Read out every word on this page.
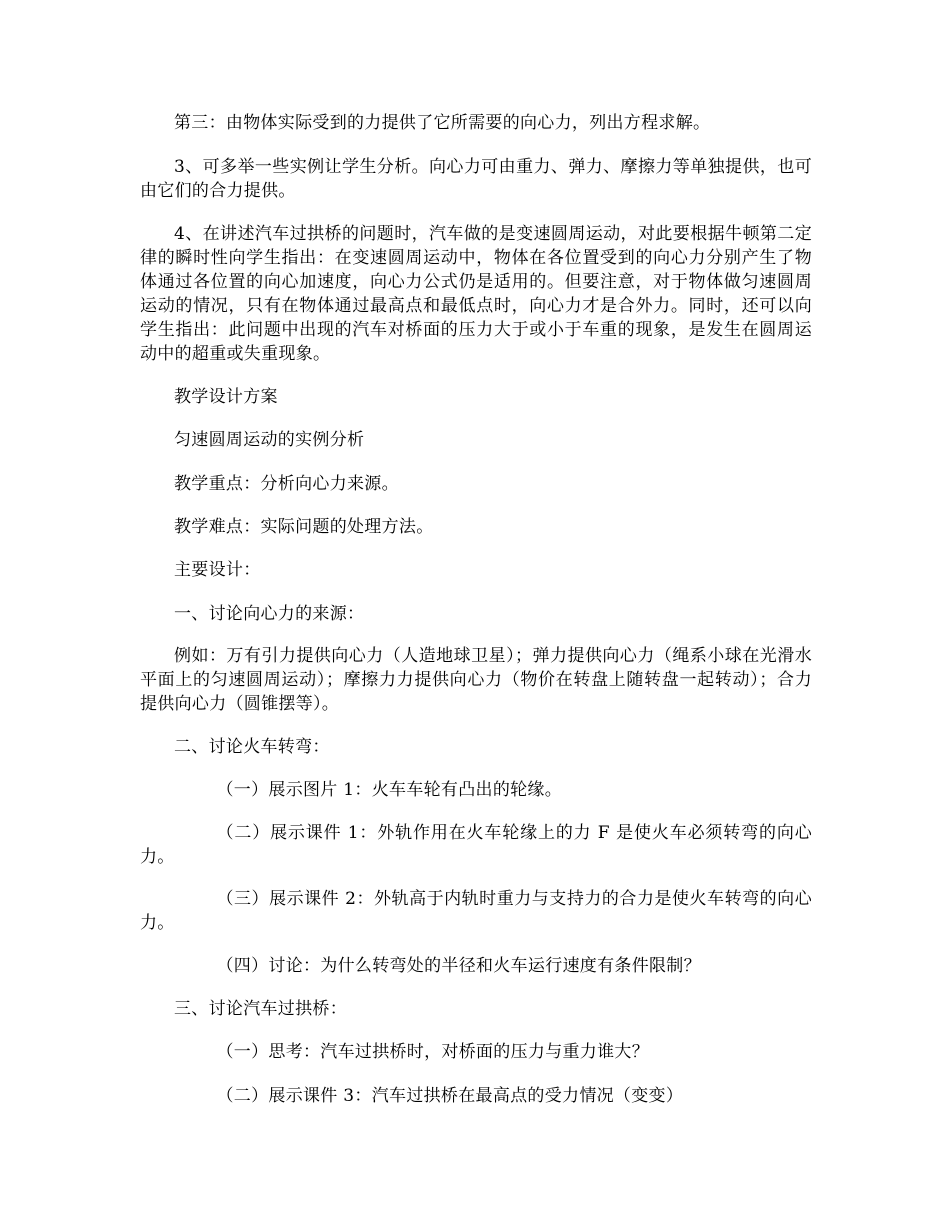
第三：由物体实际受到的力提供了它所需要的向心力，列出方程求解。

3、可多举一些实例让学生分析。向心力可由重力、弹力、摩擦力等单独提供，也可由它们的合力提供。

4、在讲述汽车过拱桥的问题时，汽车做的是变速圆周运动，对此要根据牛顿第二定律的瞬时性向学生指出：在变速圆周运动中，物体在各位置受到的向心力分别产生了物体通过各位置的向心加速度，向心力公式仍是适用的。但要注意，对于物体做匀速圆周运动的情况，只有在物体通过最高点和最低点时，向心力才是合外力。同时，还可以向学生指出：此问题中出现的汽车对桥面的压力大于或小于车重的现象，是发生在圆周运动中的超重或失重现象。

教学设计方案

匀速圆周运动的实例分析

教学重点：分析向心力来源。

教学难点：实际问题的处理方法。

主要设计：

一、讨论向心力的来源：

例如：万有引力提供向心力（人造地球卫星）；弹力提供向心力（绳系小球在光滑水平面上的匀速圆周运动）；摩擦力力提供向心力（物价在转盘上随转盘一起转动）；合力提供向心力（圆锥摆等）。

二、讨论火车转弯：

（一）展示图片 1：火车车轮有凸出的轮缘。

（二）展示课件 1：外轨作用在火车轮缘上的力 F 是使火车必须转弯的向心力。

（三）展示课件 2：外轨高于内轨时重力与支持力的合力是使火车转弯的向心力。

（四）讨论：为什么转弯处的半径和火车运行速度有条件限制？

三、讨论汽车过拱桥：

（一）思考：汽车过拱桥时，对桥面的压力与重力谁大？

（二）展示课件 3：汽车过拱桥在最高点的受力情况（变变）
